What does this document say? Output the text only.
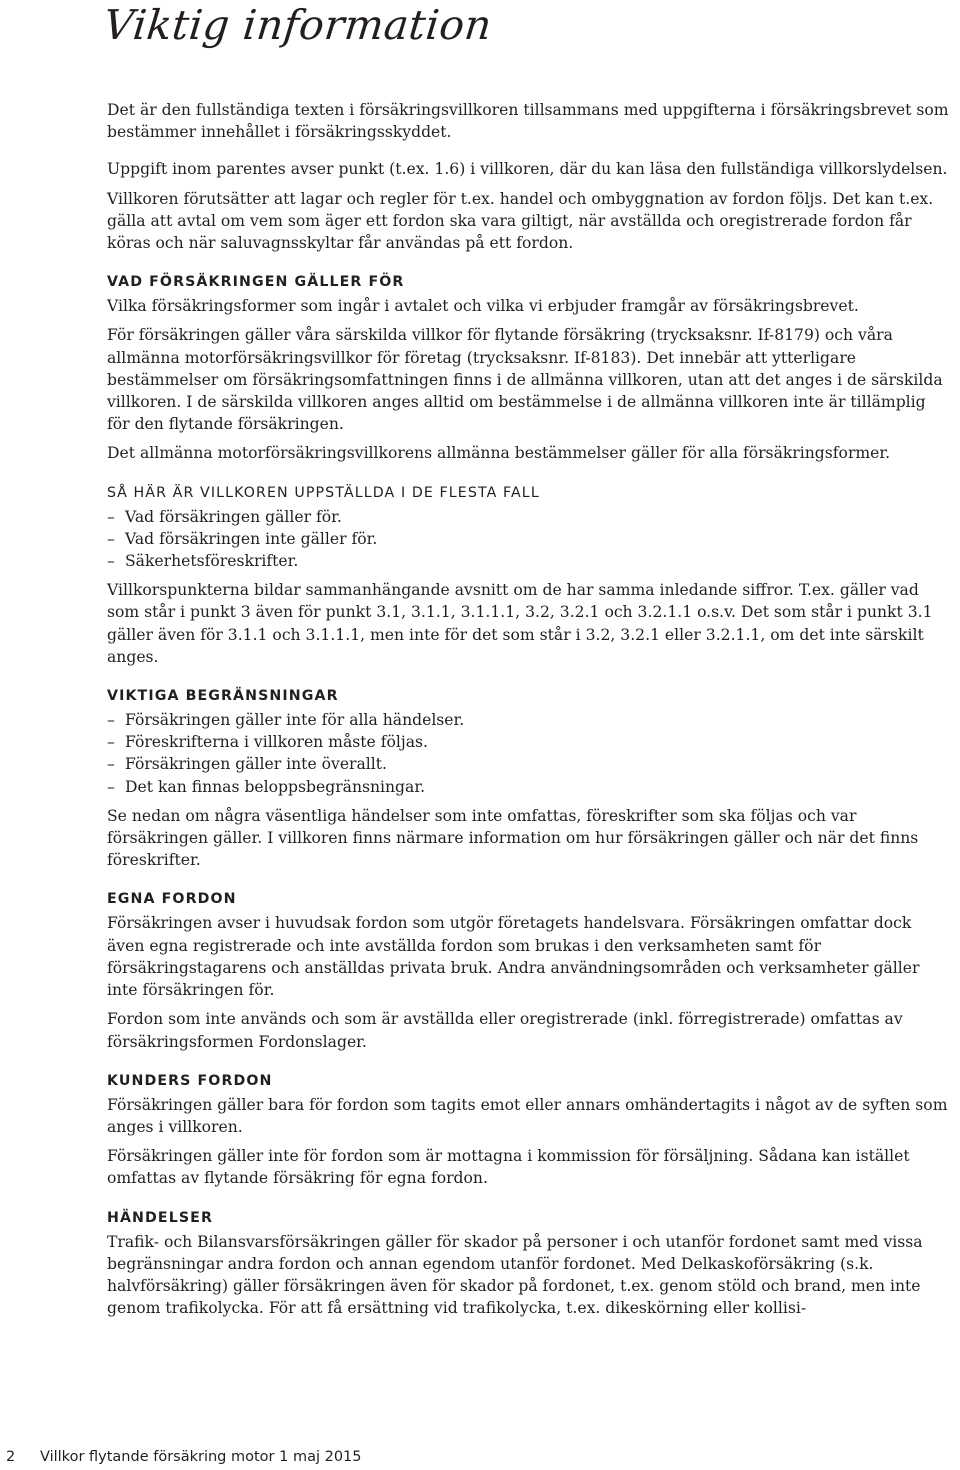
Viktig information

Det är den fullständiga texten i försäkringsvillkoren tillsammans med uppgifterna i försäkringsbrevet som bestämmer innehållet i försäkringsskyddet.

Uppgift inom parentes avser punkt (t.ex. 1.6) i villkoren, där du kan läsa den fullständiga villkorslydelsen.

Villkoren förutsätter att lagar och regler för t.ex. handel och ombyggnation av fordon följs. Det kan t.ex. gälla att avtal om vem som äger ett fordon ska vara giltigt, när avställda och oregistrerade fordon får köras och när saluvagnsskyltar får användas på ett fordon.

VAD FÖRSÄKRINGEN GÄLLER FÖR

Vilka försäkringsformer som ingår i avtalet och vilka vi erbjuder framgår av försäkringsbrevet.

För försäkringen gäller våra särskilda villkor för flytande försäkring (trycksaksnr. If-8179) och våra allmänna motorförsäkringsvillkor för företag (trycksaksnr. If-8183). Det innebär att ytterligare bestämmelser om försäkringsomfattningen finns i de allmänna villkoren, utan att det anges i de särskilda villkoren. I de särskilda villkoren anges alltid om bestämmelse i de allmänna villkoren inte är tillämplig för den flytande försäkringen.

Det allmänna motorförsäkringsvillkorens allmänna bestämmelser gäller för alla försäkringsformer.

SÅ HÄR ÄR VILLKOREN UPPSTÄLLDA I DE FLESTA FALL
– Vad försäkringen gäller för.
– Vad försäkringen inte gäller för.
– Säkerhetsföreskrifter.

Villkorspunkterna bildar sammanhängande avsnitt om de har samma inledande siffror. T.ex. gäller vad som står i punkt 3 även för punkt 3.1, 3.1.1, 3.1.1.1, 3.2, 3.2.1 och 3.2.1.1 o.s.v. Det som står i punkt 3.1 gäller även för 3.1.1 och 3.1.1.1, men inte för det som står i 3.2, 3.2.1 eller 3.2.1.1, om det inte särskilt anges.

VIKTIGA BEGRÄNSNINGAR
– Försäkringen gäller inte för alla händelser.
– Föreskrifterna i villkoren måste följas.
– Försäkringen gäller inte överallt.
– Det kan finnas beloppsbegränsningar.

Se nedan om några väsentliga händelser som inte omfattas, föreskrifter som ska följas och var försäkringen gäller. I villkoren finns närmare information om hur försäkringen gäller och när det finns föreskrifter.

EGNA FORDON

Försäkringen avser i huvudsak fordon som utgör företagets handelsvara. Försäkringen omfattar dock även egna registrerade och inte avställda fordon som brukas i den verksamheten samt för försäkringstagarens och anställdas privata bruk. Andra användningsområden och verksamheter gäller inte försäkringen för.

Fordon som inte används och som är avställda eller oregistrerade (inkl. förregistrerade) omfattas av försäkringsformen Fordonslager.

KUNDERS FORDON

Försäkringen gäller bara för fordon som tagits emot eller annars omhändertagits i något av de syften som anges i villkoren.

Försäkringen gäller inte för fordon som är mottagna i kommission för försäljning. Sådana kan istället omfattas av flytande försäkring för egna fordon.

HÄNDELSER

Trafik- och Bilansvarsförsäkringen gäller för skador på personer i och utanför fordonet samt med vissa begränsningar andra fordon och annan egendom utanför fordonet. Med Delkaskoförsäkring (s.k. halvförsäkring) gäller försäkringen även för skador på fordonet, t.ex. genom stöld och brand, men inte genom trafikolycka. För att få ersättning vid trafikolycka, t.ex. dikeskörning eller kollisi-

2 Villkor flytande försäkring motor 1 maj 2015
